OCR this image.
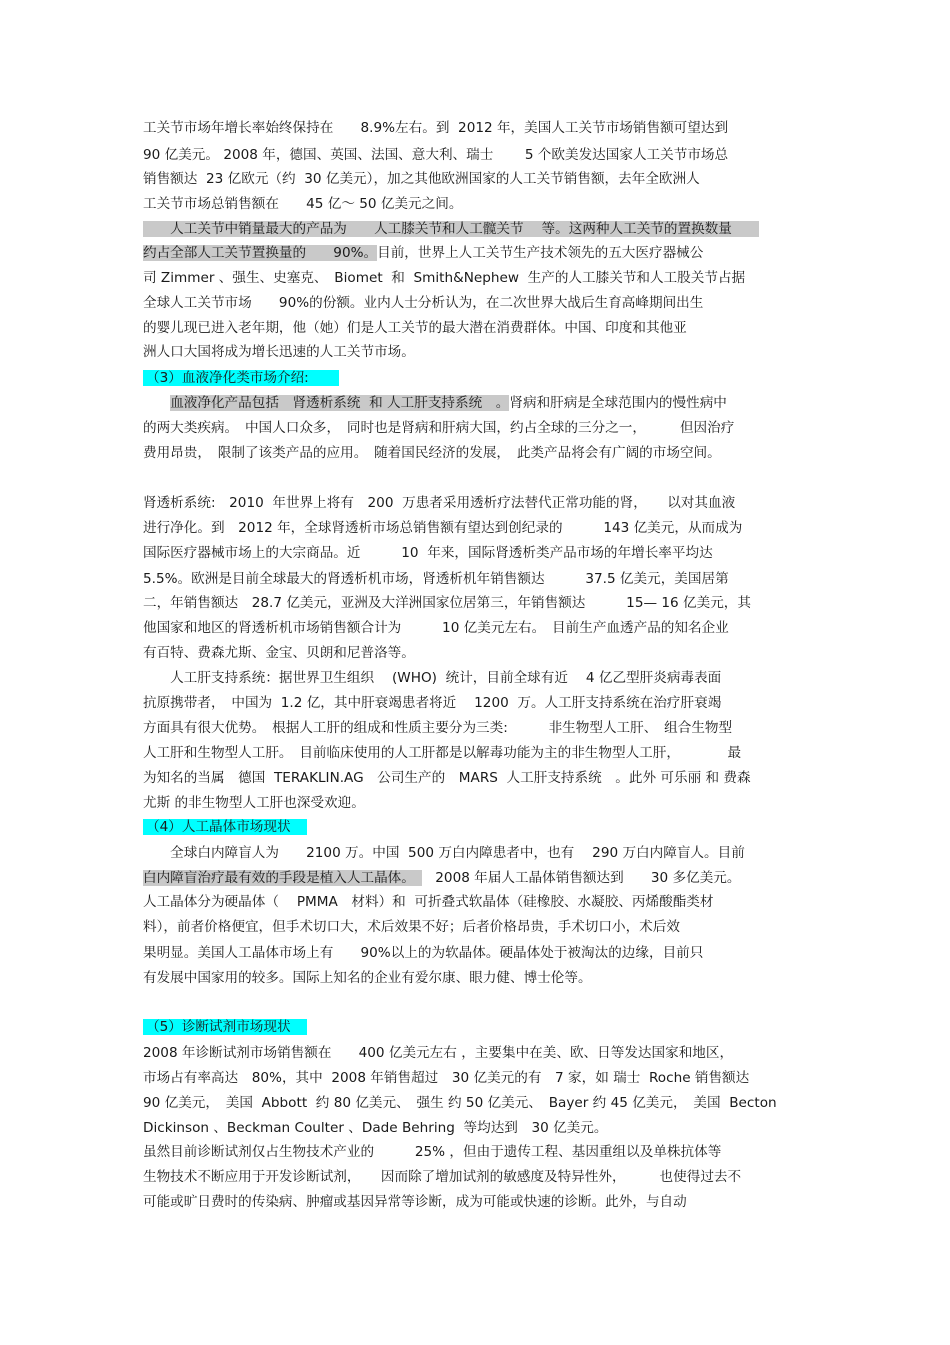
工关节市场年增长率始终保持在　　8.9%左右。到  2012 年，美国人工关节市场销售额可望达到
90 亿美元。 2008 年，德国、英国、法国、意大利、瑞士　　 5 个欧美发达国家人工关节市场总
销售额达  23 亿欧元（约  30 亿美元），加之其他欧洲国家的人工关节销售额，去年全欧洲人
工关节市场总销售额在　　45 亿～ 50 亿美元之间。
　　人工关节中销量最大的产品为　　人工膝关节和人工髋关节　 等。这两种人工关节的置换数量　　
约占全部人工关节置换量的　　90%。目前，世界上人工关节生产技术领先的五大医疗器械公
司 Zimmer 、强生、史塞克、　Biomet  和  Smith&Nephew  生产的人工膝关节和人工股关节占据
全球人工关节市场　　90%的份额。业内人士分析认为，在二次世界大战后生育高峰期间出生
的婴儿现已进入老年期，他（她）们是人工关节的最大潜在消费群体。中国、印度和其他亚
洲人口大国将成为增长迅速的人工关节市场。
（3）血液净化类市场介绍:　　
　　血液净化产品包括　肾透析系统  和 人工肝支持系统　。肾病和肝病是全球范围内的慢性病中
的两大类疾病。　中国人口众多，　同时也是肾病和肝病大国，约占全球的三分之一，　　　但因治疗
费用昂贵，　限制了该类产品的应用。　随着国民经济的发展，　此类产品将会有广阔的市场空间。
肾透析系统:　2010  年世界上将有　200  万患者采用透析疗法替代正常功能的肾，　　以对其血液
进行净化。到　2012 年，全球肾透析市场总销售额有望达到创纪录的　　　143 亿美元，从而成为
国际医疗器械市场上的大宗商品。近　　　10  年来，国际肾透析类产品市场的年增长率平均达
5.5%。欧洲是目前全球最大的肾透析机市场，肾透析机年销售额达　　　37.5 亿美元，美国居第
二，年销售额达　28.7 亿美元，亚洲及大洋洲国家位居第三，年销售额达　　　15— 16 亿美元，其
他国家和地区的肾透析机市场销售额合计为　　　10 亿美元左右。　目前生产血透产品的知名企业
有百特、费森尤斯、金宝、贝朗和尼普洛等。
　　人工肝支持系统：据世界卫生组织　 (WHO)  统计，目前全球有近　 4 亿乙型肝炎病毒表面
抗原携带者，　中国为  1.2 亿，其中肝衰竭患者将近　 1200  万。人工肝支持系统在治疗肝衰竭
方面具有很大优势。　根据人工肝的组成和性质主要分为三类:　　　非生物型人工肝、　组合生物型
人工肝和生物型人工肝。　目前临床使用的人工肝都是以解毒功能为主的非生物型人工肝，　　　　最
为知名的当属　德国  TERAKLIN.AG　公司生产的　MARS  人工肝支持系统　。此外 可乐丽 和 费森
尤斯 的非生物型人工肝也深受欢迎。
（4）人工晶体市场现状　
　　全球白内障盲人为　　2100 万。中国  500 万白内障患者中，也有　 290 万白内障盲人。目前
白内障盲治疗最有效的手段是植入人工晶体。　　2008 年届人工晶体销售额达到　　30 多亿美元。
人工晶体分为硬晶体（　 PMMA　材料）和  可折叠式软晶体（硅橡胶、水凝胶、丙烯酸酯类材
料），前者价格便宜，但手术切口大，术后效果不好；后者价格昂贵，手术切口小，术后效
果明显。美国人工晶体市场上有　　90%以上的为软晶体。硬晶体处于被淘汰的边缘，目前只
有发展中国家用的较多。国际上知名的企业有爱尔康、眼力健、博士伦等。
（5）诊断试剂市场现状　
2008 年诊断试剂市场销售额在　　400 亿美元左右 ，主要集中在美、欧、日等发达国家和地区，
市场占有率高达　80%，其中  2008 年销售超过　30 亿美元的有　7 家，如 瑞士  Roche 销售额达
90 亿美元，　美国  Abbott  约 80 亿美元、　强生 约 50 亿美元、　Bayer 约 45 亿美元，　美国  Becton
Dickinson 、Beckman Coulter 、Dade Behring  等均达到　30 亿美元。
虽然目前诊断试剂仅占生物技术产业的　　　25% ，但由于遗传工程、基因重组以及单株抗体等
生物技术不断应用于开发诊断试剂，　　因而除了增加试剂的敏感度及特异性外，　　　也使得过去不
可能或旷日费时的传染病、肿瘤或基因异常等诊断，成为可能或快速的诊断。此外，与自动
